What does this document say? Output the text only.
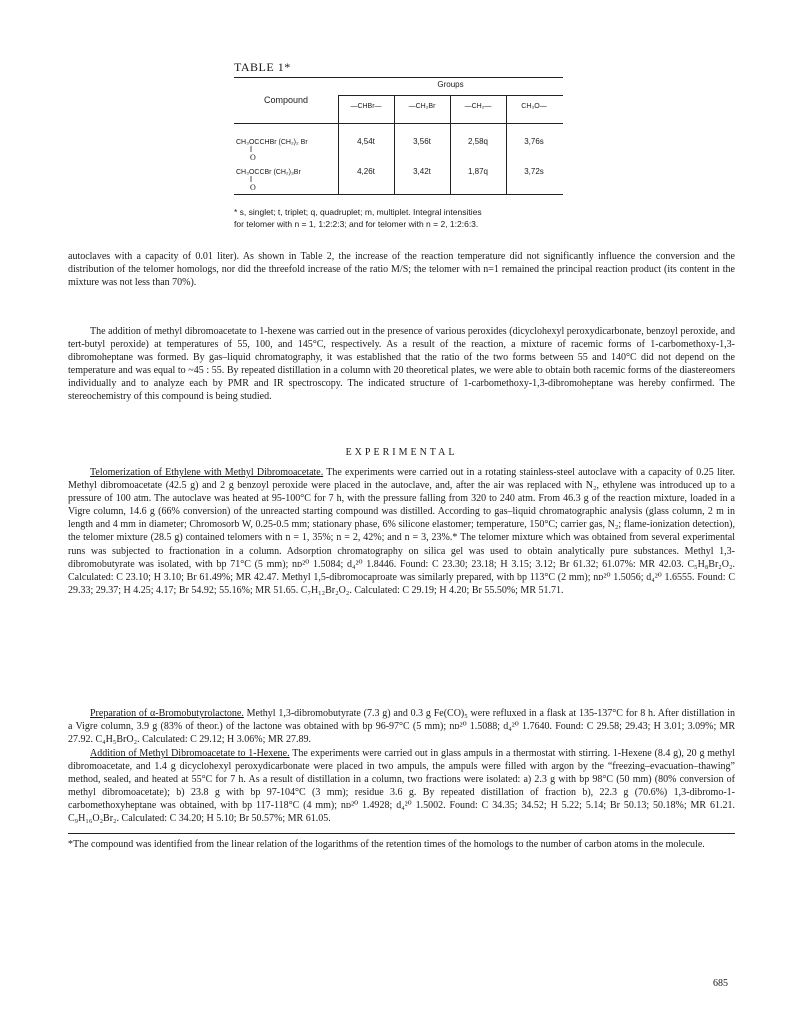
TABLE 1*
Groups
Compound
—CHBr—	—CH₂Br	—CH₂—	CH₃O—
CH₃OCCHBr (CH₂)₂ Br
‖
O
4,54t	3,56t	2,58q	3,76s
CH₃OCCBr (CH₂)₃Br
‖
O
4,26t	3,42t	1,87q	3,72s
* s, singlet; t, triplet; q, quadruplet; m, multiplet. Integral intensities
for telomer with n = 1, 1:2:2:3; and for telomer with n = 2, 1:2:6:3.
autoclaves with a capacity of 0.01 liter). As shown in Table 2, the increase of the reaction temperature did not significantly influence the conversion and the distribution of the telomer homologs, nor did the threefold increase of the ratio M/S; the telomer with n=1 remained the principal reaction product (its content in the mixture was not less than 70%).
The addition of methyl dibromoacetate to 1-hexene was carried out in the presence of various peroxides (dicyclohexyl peroxydicarbonate, benzoyl peroxide, and tert-butyl peroxide) at temperatures of 55, 100, and 145°C, respectively. As a result of the reaction, a mixture of racemic forms of 1-carbomethoxy-1,3-dibromoheptane was formed. By gas–liquid chromatography, it was established that the ratio of the two forms between 55 and 140°C did not depend on the temperature and was equal to ~45 : 55. By repeated distillation in a column with 20 theoretical plates, we were able to obtain both racemic forms of the diastereomers individually and to analyze each by PMR and IR spectroscopy. The indicated structure of 1-carbomethoxy-1,3-dibromoheptane was hereby confirmed. The stereochemistry of this compound is being studied.
EXPERIMENTAL
Telomerization of Ethylene with Methyl Dibromoacetate. The experiments were carried out in a rotating stainless-steel autoclave with a capacity of 0.25 liter. Methyl dibromoacetate (42.5 g) and 2 g benzoyl peroxide were placed in the autoclave, and, after the air was replaced with N₂, ethylene was introduced up to a pressure of 100 atm. The autoclave was heated at 95-100°C for 7 h, with the pressure falling from 320 to 240 atm. From 46.3 g of the reaction mixture, loaded in a Vigre column, 14.6 g (66% conversion) of the unreacted starting compound was distilled. According to gas–liquid chromatographic analysis (glass column, 2 m in length and 4 mm in diameter; Chromosorb W, 0.25-0.5 mm; stationary phase, 6% silicone elastomer; temperature, 150°C; carrier gas, N₂; flame-ionization detection), the telomer mixture (28.5 g) contained telomers with n = 1, 35%; n = 2, 42%; and n = 3, 23%.* The telomer mixture which was obtained from several experimental runs was subjected to fractionation in a column. Adsorption chromatography on silica gel was used to obtain analytically pure substances. Methyl 1,3-dibromobutyrate was isolated, with bp 71°C (5 mm); nᴅ²⁰ 1.5084; d₄²⁰ 1.8446. Found: C 23.30; 23.18; H 3.15; 3.12; Br 61.32; 61.07%: MR 42.03. C₅H₈Br₂O₂. Calculated: C 23.10; H 3.10; Br 61.49%; MR 42.47. Methyl 1,5-dibromocaproate was similarly prepared, with bp 113°C (2 mm); nᴅ²⁰ 1.5056; d₄²⁰ 1.6555. Found: C 29.33; 29.37; H 4.25; 4.17; Br 54.92; 55.16%; MR 51.65. C₇H₁₂Br₂O₂. Calculated: C 29.19; H 4.20; Br 55.50%; MR 51.71.
Preparation of α-Bromobutyrolactone. Methyl 1,3-dibromobutyrate (7.3 g) and 0.3 g Fe(CO)₅ were refluxed in a flask at 135-137°C for 8 h. After distillation in a Vigre column, 3.9 g (83% of theor.) of the lactone was obtained with bp 96-97°C (5 mm); nᴅ²⁰ 1.5088; d₄²⁰ 1.7640. Found: C 29.58; 29.43; H 3.01; 3.09%; MR 27.92. C₄H₅BrO₂. Calculated: C 29.12; H 3.06%; MR 27.89.
Addition of Methyl Dibromoacetate to 1-Hexene. The experiments were carried out in glass ampuls in a thermostat with stirring. 1-Hexene (8.4 g), 20 g methyl dibromoacetate, and 1.4 g dicyclohexyl peroxydicarbonate were placed in two ampuls, the ampuls were filled with argon by the “freezing–evacuation–thawing” method, sealed, and heated at 55°C for 7 h. As a result of distillation in a column, two fractions were isolated: a) 2.3 g with bp 98°C (50 mm) (80% conversion of methyl dibromoacetate); b) 23.8 g with bp 97-104°C (3 mm); residue 3.6 g. By repeated distillation of fraction b), 22.3 g (70.6%) 1,3-dibromo-1-carbomethoxyheptane was obtained, with bp 117-118°C (4 mm); nᴅ²⁰ 1.4928; d₄²⁰ 1.5002. Found: C 34.35; 34.52; H 5.22; 5.14; Br 50.13; 50.18%; MR 61.21. C₉H₁₆O₂Br₂. Calculated: C 34.20; H 5.10; Br 50.57%; MR 61.05.
*The compound was identified from the linear relation of the logarithms of the retention times of the homologs to the number of carbon atoms in the molecule.
685
